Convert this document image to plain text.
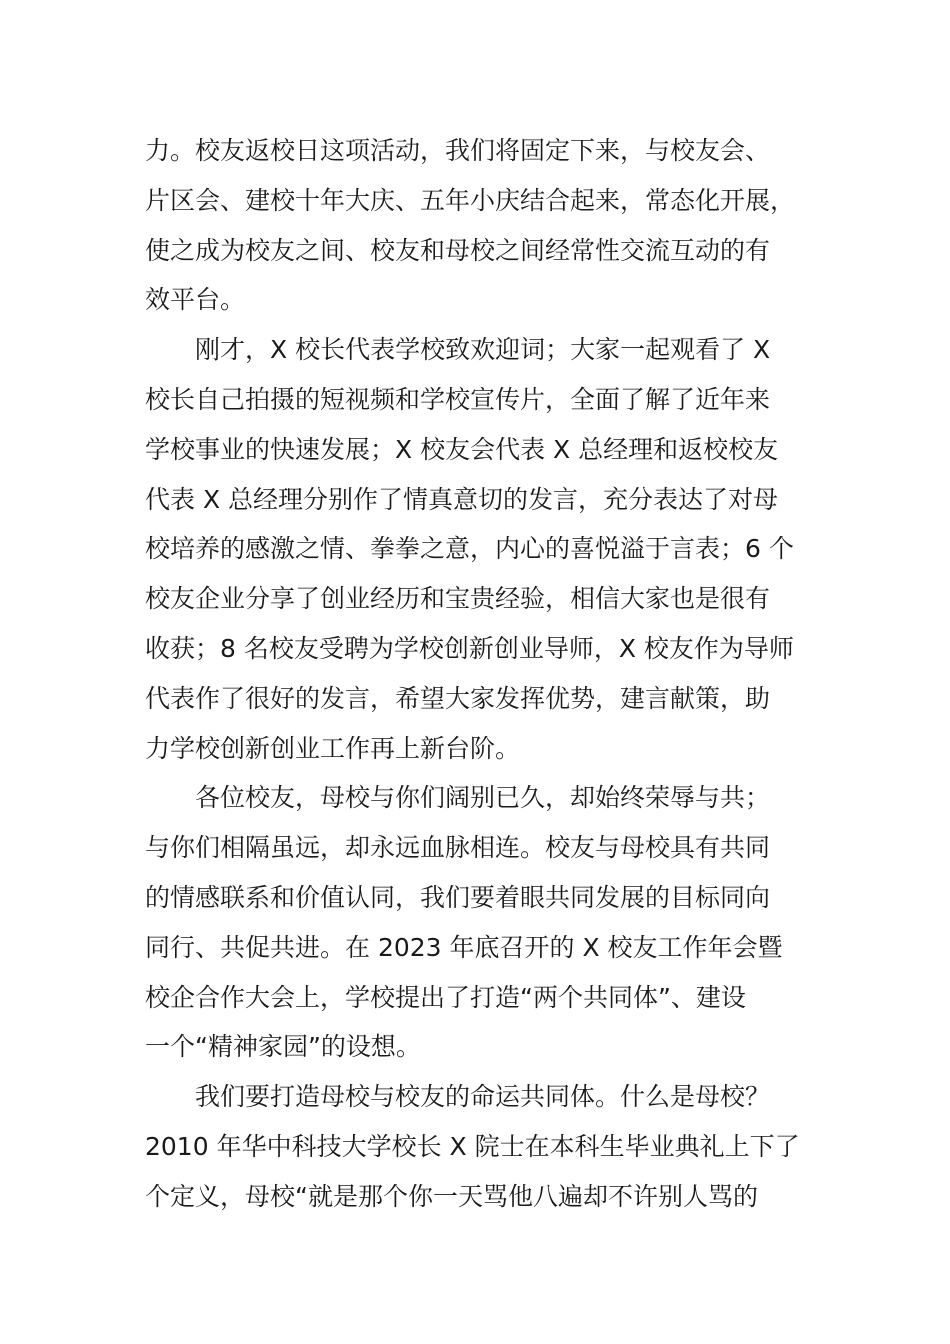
力。校友返校日这项活动，我们将固定下来，与校友会、
片区会、建校十年大庆、五年小庆结合起来，常态化开展，
使之成为校友之间、校友和母校之间经常性交流互动的有
效平台。
刚才，X 校长代表学校致欢迎词；大家一起观看了 X
校长自己拍摄的短视频和学校宣传片，全面了解了近年来
学校事业的快速发展；X 校友会代表 X 总经理和返校校友
代表 X 总经理分别作了情真意切的发言，充分表达了对母
校培养的感激之情、拳拳之意，内心的喜悦溢于言表；6 个
校友企业分享了创业经历和宝贵经验，相信大家也是很有
收获；8 名校友受聘为学校创新创业导师，X 校友作为导师
代表作了很好的发言，希望大家发挥优势，建言献策，助
力学校创新创业工作再上新台阶。
各位校友，母校与你们阔别已久，却始终荣辱与共；
与你们相隔虽远，却永远血脉相连。校友与母校具有共同
的情感联系和价值认同，我们要着眼共同发展的目标同向
同行、共促共进。在 2023 年底召开的 X 校友工作年会暨
校企合作大会上，学校提出了打造“两个共同体”、建设
一个“精神家园”的设想。
我们要打造母校与校友的命运共同体。什么是母校？
2010 年华中科技大学校长 X 院士在本科生毕业典礼上下了
个定义，母校“就是那个你一天骂他八遍却不许别人骂的
